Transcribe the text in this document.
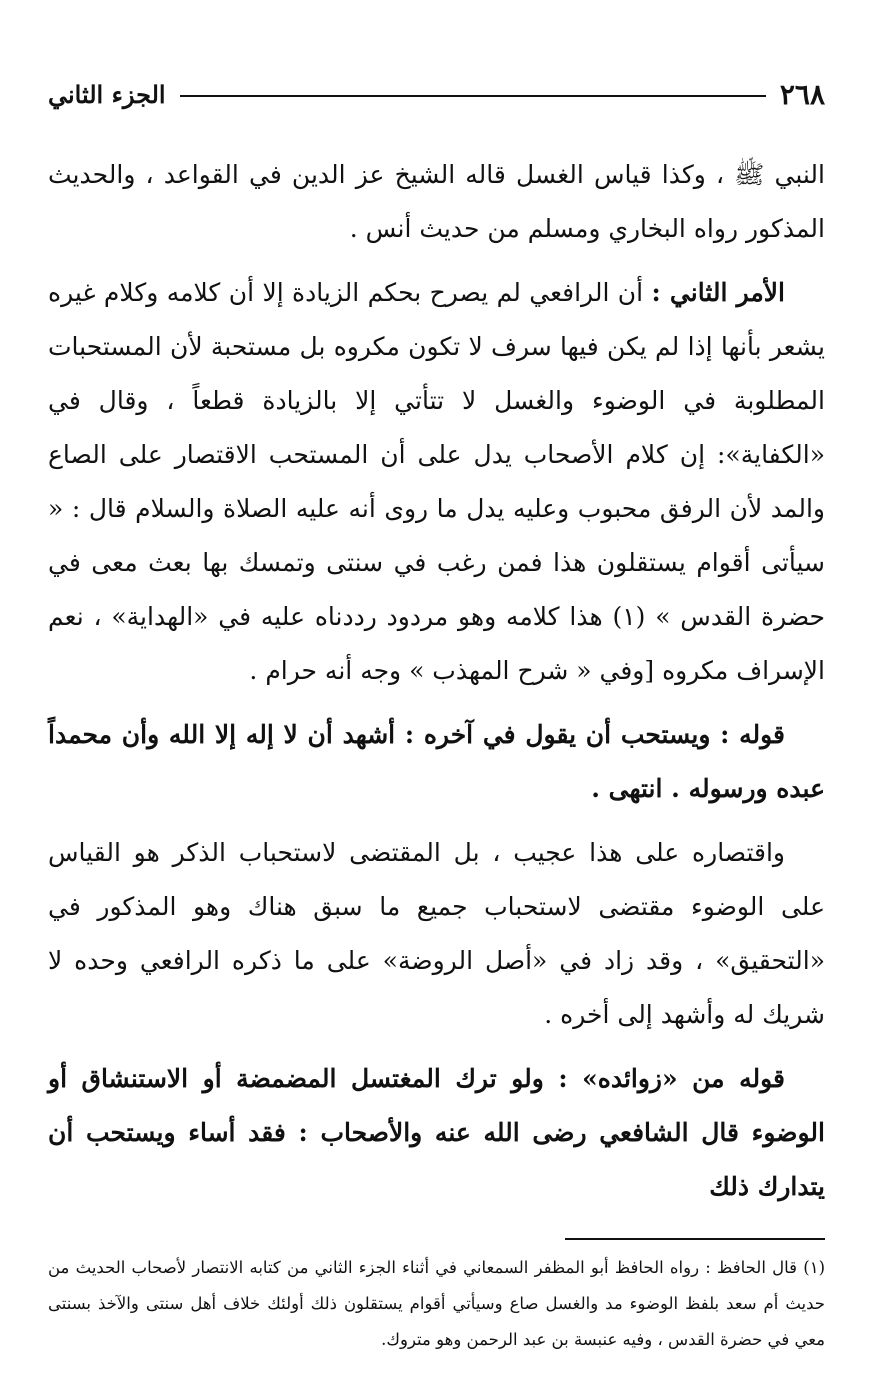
٢٦٨
الجزء الثاني

النبي ﷺ ، وكذا قياس الغسل قاله الشيخ عز الدين في القواعد ، والحديث المذكور رواه البخاري ومسلم من حديث أنس .

الأمر الثاني : أن الرافعي لم يصرح بحكم الزيادة إلا أن كلامه وكلام غيره يشعر بأنها إذا لم يكن فيها سرف لا تكون مكروه بل مستحبة لأن المستحبات المطلوبة في الوضوء والغسل لا تتأتي إلا بالزيادة قطعاً ، وقال في «الكفاية»: إن كلام الأصحاب يدل على أن المستحب الاقتصار على الصاع والمد لأن الرفق محبوب وعليه يدل ما روى أنه عليه الصلاة والسلام قال : « سيأتى أقوام يستقلون هذا فمن رغب في سنتى وتمسك بها بعث معى في حضرة القدس » (١) هذا كلامه وهو مردود رددناه عليه في «الهداية» ، نعم الإسراف مكروه [وفي « شرح المهذب » وجه أنه حرام .

قوله : ويستحب أن يقول في آخره : أشهد أن لا إله إلا الله وأن محمداً عبده ورسوله . انتهى .

واقتصاره على هذا عجيب ، بل المقتضى لاستحباب الذكر هو القياس على الوضوء مقتضى لاستحباب جميع ما سبق هناك وهو المذكور في «التحقيق» ، وقد زاد في «أصل الروضة» على ما ذكره الرافعي وحده لا شريك له وأشهد إلى أخره .

قوله من «زوائده» : ولو ترك المغتسل المضمضة أو الاستنشاق أو الوضوء قال الشافعي رضى الله عنه والأصحاب : فقد أساء ويستحب أن يتدارك ذلك

(١) قال الحافظ : رواه الحافظ أبو المظفر السمعاني في أثناء الجزء الثاني من كتابه الانتصار لأصحاب الحديث من حديث أم سعد بلفظ الوضوء مد والغسل صاع وسيأتي أقوام يستقلون ذلك أولئك خلاف أهل سنتى والآخذ بسنتى معي في حضرة القدس ، وفيه عنبسة بن عبد الرحمن وهو متروك.
